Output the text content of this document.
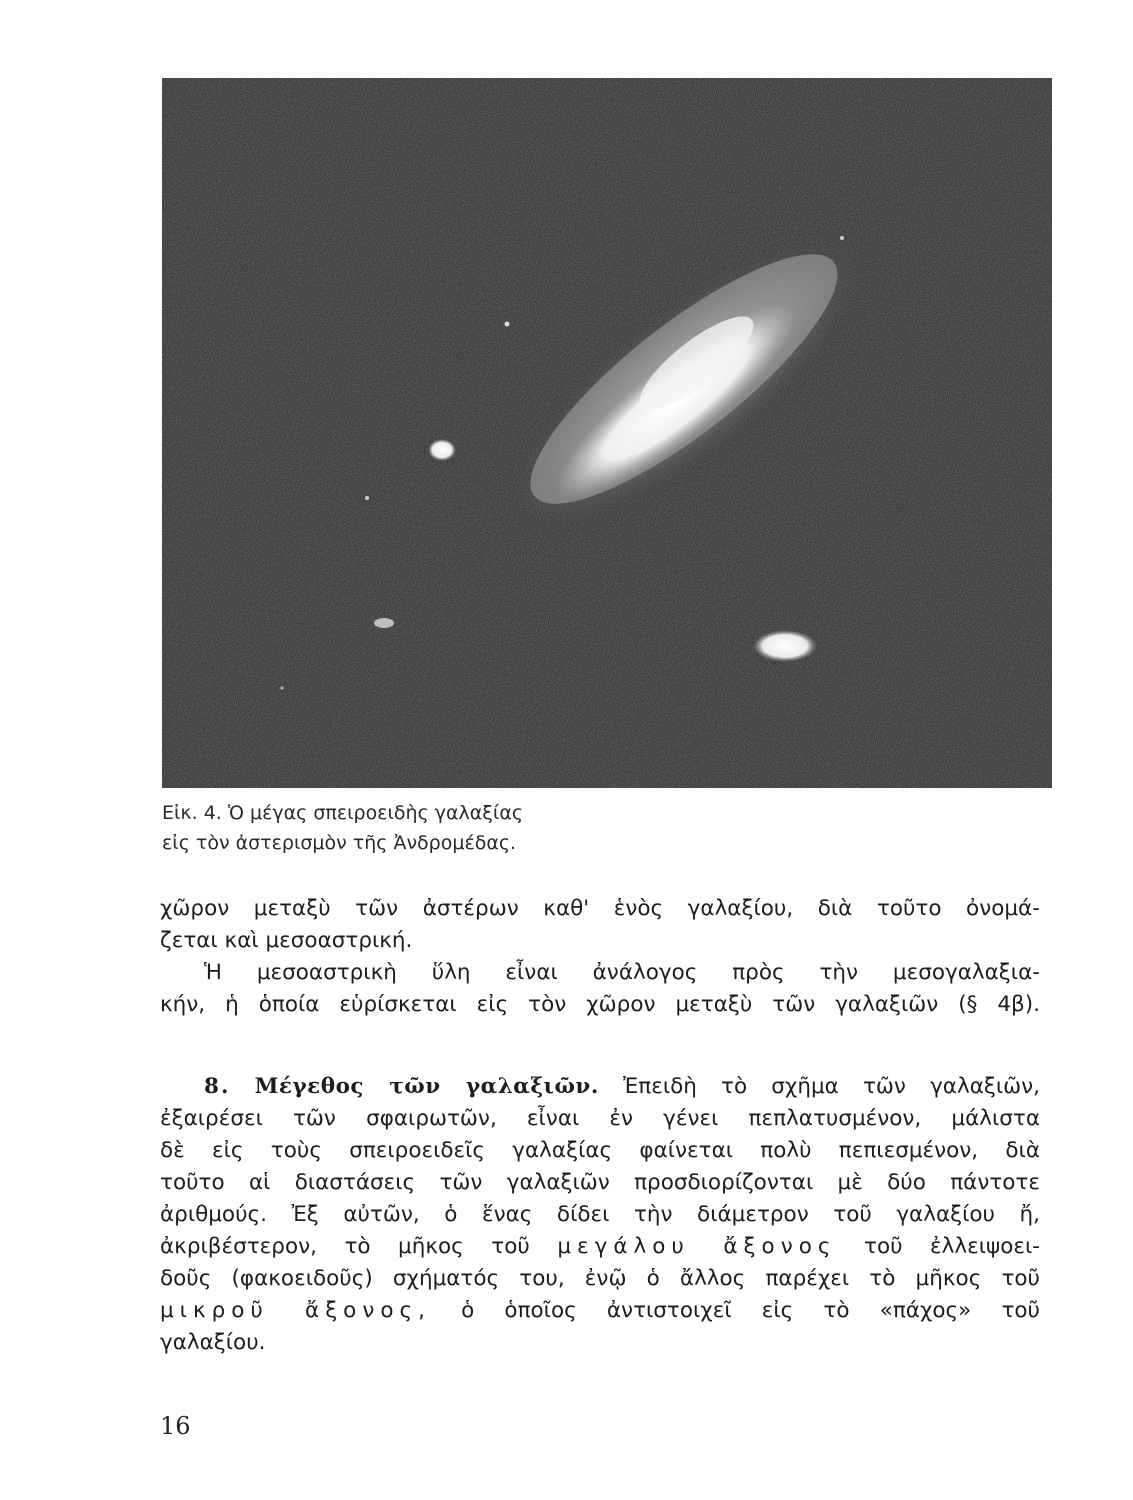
Εἰκ. 4. Ὁ μέγας σπειροειδὴς γαλαξίας
εἰς τὸν ἀστερισμὸν τῆς Ἀνδρομέδας.
χῶρον μεταξὺ τῶν ἀστέρων καθ' ἑνὸς γαλαξίου, διὰ τοῦτο ὀνομά-
ζεται καὶ μεσοαστρική.
Ἡ μεσοαστρικὴ ὕλη εἶναι ἀνάλογος πρὸς τὴν μεσογαλαξια-
κήν, ἡ ὁποία εὑρίσκεται εἰς τὸν χῶρον μεταξὺ τῶν γαλαξιῶν (§ 4β).
8. Μέγεθος τῶν γαλαξιῶν. Ἐπειδὴ τὸ σχῆμα τῶν γαλαξιῶν,
ἐξαιρέσει τῶν σφαιρωτῶν, εἶναι ἐν γένει πεπλατυσμένον, μάλιστα
δὲ εἰς τοὺς σπειροειδεῖς γαλαξίας φαίνεται πολὺ πεπιεσμένον, διὰ
τοῦτο αἱ διαστάσεις τῶν γαλαξιῶν προσδιορίζονται μὲ δύο πάντοτε
ἀριθμούς. Ἐξ αὐτῶν, ὁ ἕνας δίδει τὴν διάμετρον τοῦ γαλαξίου ἤ,
ἀκριβέστερον, τὸ μῆκος τοῦ μεγάλου ἄξονος τοῦ ἐλλειψοει-
δοῦς (φακοειδοῦς) σχήματός του, ἐνῷ ὁ ἄλλος παρέχει τὸ μῆκος τοῦ
μικροῦ ἄξονος, ὁ ὁποῖος ἀντιστοιχεῖ εἰς τὸ «πάχος» τοῦ
γαλαξίου.
16
